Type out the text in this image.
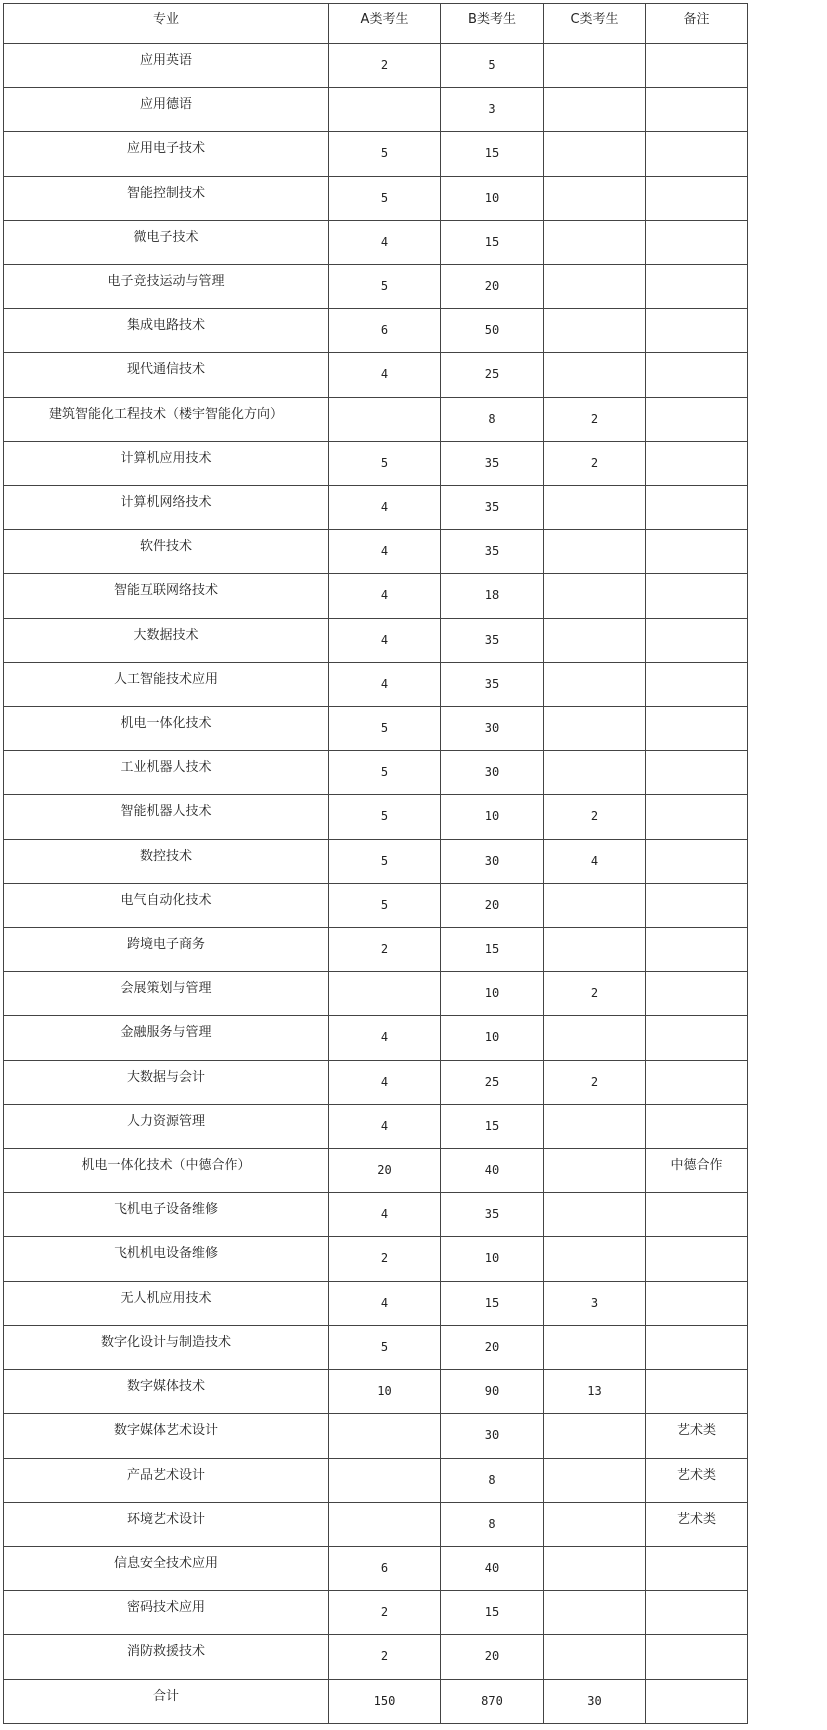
专业	A类考生	B类考生	C类考生	备注
应用英语	2	5		
应用德语		3		
应用电子技术	5	15		
智能控制技术	5	10		
微电子技术	4	15		
电子竞技运动与管理	5	20		
集成电路技术	6	50		
现代通信技术	4	25		
建筑智能化工程技术（楼宇智能化方向）		8	2	
计算机应用技术	5	35	2	
计算机网络技术	4	35		
软件技术	4	35		
智能互联网络技术	4	18		
大数据技术	4	35		
人工智能技术应用	4	35		
机电一体化技术	5	30		
工业机器人技术	5	30		
智能机器人技术	5	10	2	
数控技术	5	30	4	
电气自动化技术	5	20		
跨境电子商务	2	15		
会展策划与管理		10	2	
金融服务与管理	4	10		
大数据与会计	4	25	2	
人力资源管理	4	15		
机电一体化技术（中德合作）	20	40		中德合作
飞机电子设备维修	4	35		
飞机机电设备维修	2	10		
无人机应用技术	4	15	3	
数字化设计与制造技术	5	20		
数字媒体技术	10	90	13	
数字媒体艺术设计		30		艺术类
产品艺术设计		8		艺术类
环境艺术设计		8		艺术类
信息安全技术应用	6	40		
密码技术应用	2	15		
消防救援技术	2	20		
合计	150	870	30	
